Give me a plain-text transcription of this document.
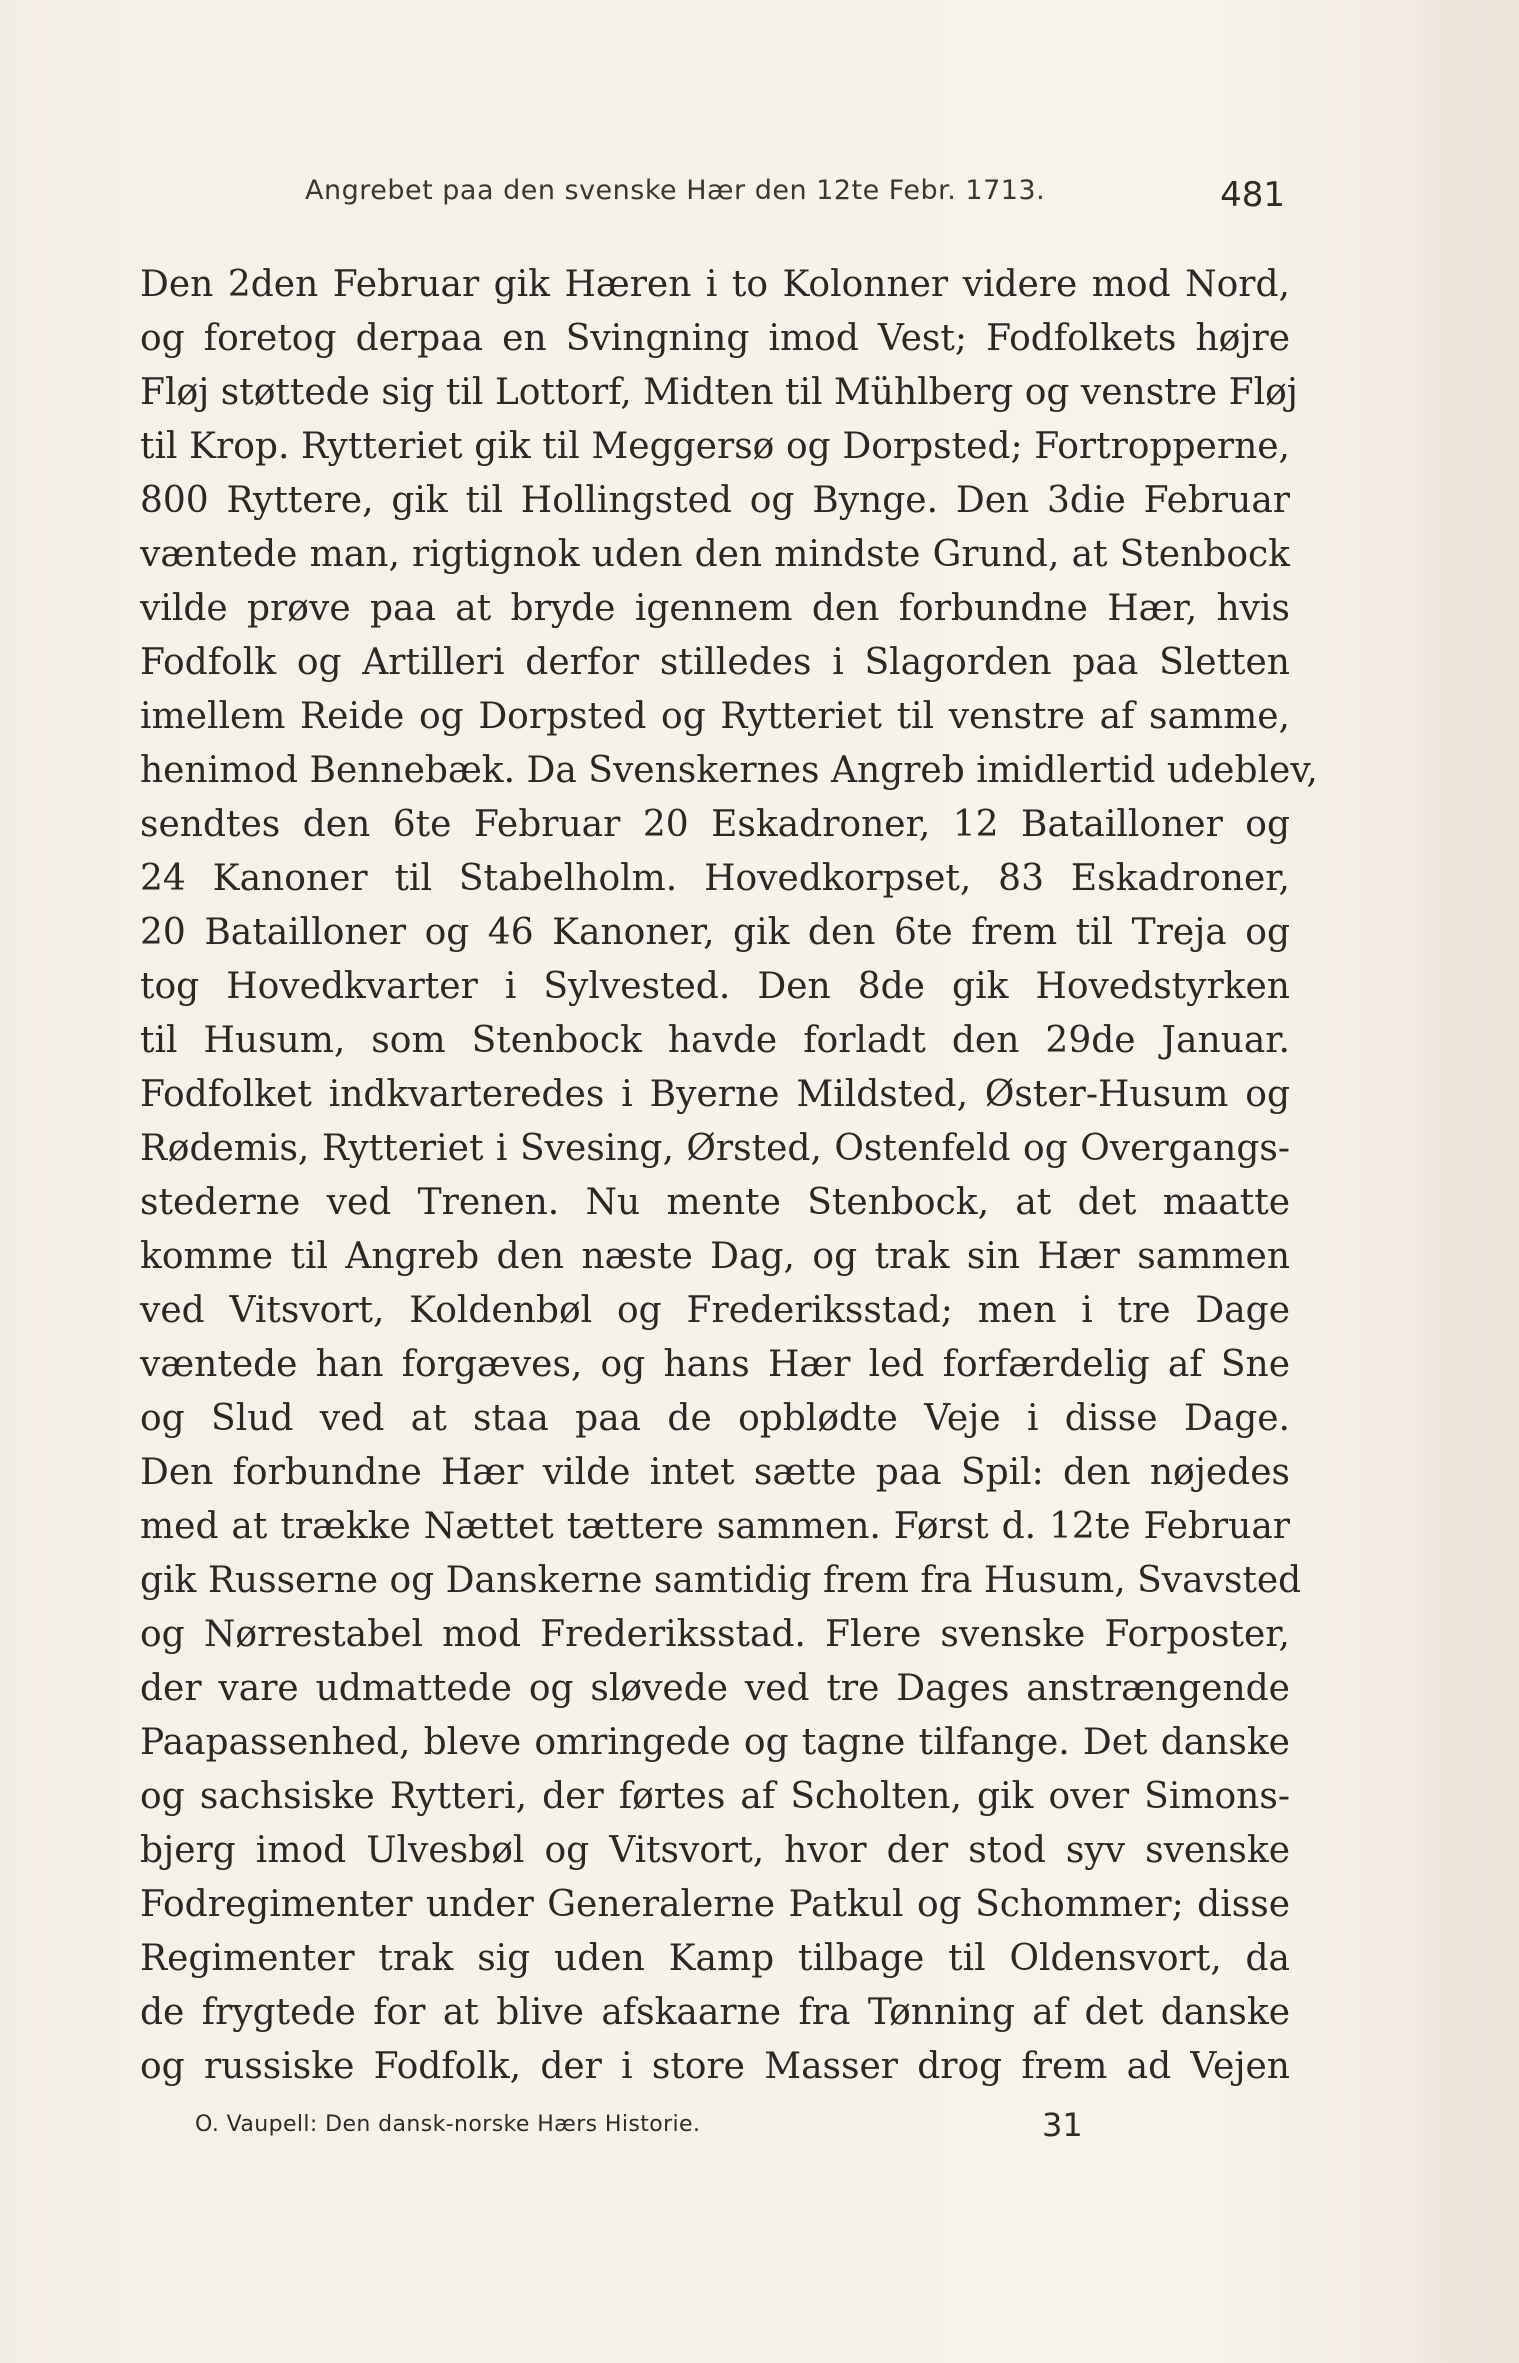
Angrebet paa den svenske Hær den 12te Febr. 1713.	481
Den 2den Februar gik Hæren i to Kolonner videre mod Nord,
og foretog derpaa en Svingning imod Vest; Fodfolkets højre
Fløj støttede sig til Lottorf, Midten til Mühlberg og venstre Fløj
til Krop. Rytteriet gik til Meggersø og Dorpsted; Fortropperne,
800 Ryttere, gik til Hollingsted og Bynge. Den 3die Februar
væntede man, rigtignok uden den mindste Grund, at Stenbock
vilde prøve paa at bryde igennem den forbundne Hær, hvis
Fodfolk og Artilleri derfor stilledes i Slagorden paa Sletten
imellem Reide og Dorpsted og Rytteriet til venstre af samme,
henimod Bennebæk. Da Svenskernes Angreb imidlertid udeblev,
sendtes den 6te Februar 20 Eskadroner, 12 Batailloner og
24 Kanoner til Stabelholm. Hovedkorpset, 83 Eskadroner,
20 Batailloner og 46 Kanoner, gik den 6te frem til Treja og
tog Hovedkvarter i Sylvested. Den 8de gik Hovedstyrken
til Husum, som Stenbock havde forladt den 29de Januar.
Fodfolket indkvarteredes i Byerne Mildsted, Øster-Husum og
Rødemis, Rytteriet i Svesing, Ørsted, Ostenfeld og Overgangs-
stederne ved Trenen. Nu mente Stenbock, at det maatte
komme til Angreb den næste Dag, og trak sin Hær sammen
ved Vitsvort, Koldenbøl og Frederiksstad; men i tre Dage
væntede han forgæves, og hans Hær led forfærdelig af Sne
og Slud ved at staa paa de opblødte Veje i disse Dage.
Den forbundne Hær vilde intet sætte paa Spil: den nøjedes
med at trække Nættet tættere sammen. Først d. 12te Februar
gik Russerne og Danskerne samtidig frem fra Husum, Svavsted
og Nørrestabel mod Frederiksstad. Flere svenske Forposter,
der vare udmattede og sløvede ved tre Dages anstrængende
Paapassenhed, bleve omringede og tagne tilfange. Det danske
og sachsiske Rytteri, der førtes af Scholten, gik over Simons-
bjerg imod Ulvesbøl og Vitsvort, hvor der stod syv svenske
Fodregimenter under Generalerne Patkul og Schommer; disse
Regimenter trak sig uden Kamp tilbage til Oldensvort, da
de frygtede for at blive afskaarne fra Tønning af det danske
og russiske Fodfolk, der i store Masser drog frem ad Vejen
O. Vaupell: Den dansk-norske Hærs Historie.	31
